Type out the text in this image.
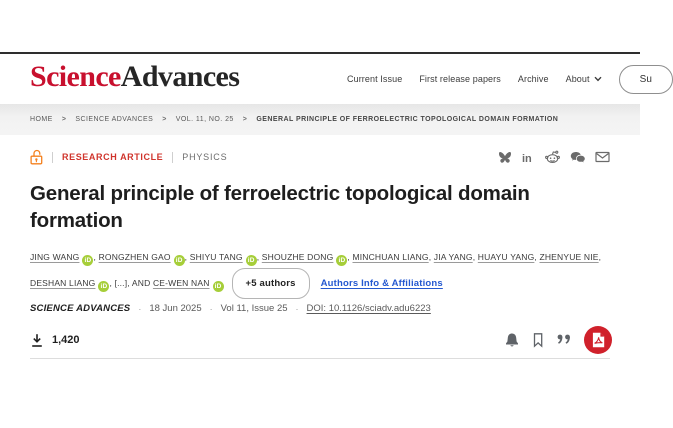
ScienceAdvances	Current Issue First release papers Archive About	Su
HOME > SCIENCE ADVANCES > VOL. 11, NO. 25 > GENERAL PRINCIPLE OF FERROELECTRIC TOPOLOGICAL DOMAIN FORMATION
RESEARCH ARTICLE PHYSICS	in
General principle of ferroelectric topological domain formation
JING WANG iD , RONGZHEN GAO iD , SHIYU TANG iD , SHOUZHE DONG iD , MINCHUAN LIANG, JIA YANG, HUAYU YANG, ZHENYUE NIE, DESHAN LIANG iD , [...], AND CE-WEN NAN iD	+5 authors	Authors Info & Affiliations
SCIENCE ADVANCES · 18 Jun 2025 · Vol 11, Issue 25 · DOI: 10.1126/sciadv.adu6223
1,420
